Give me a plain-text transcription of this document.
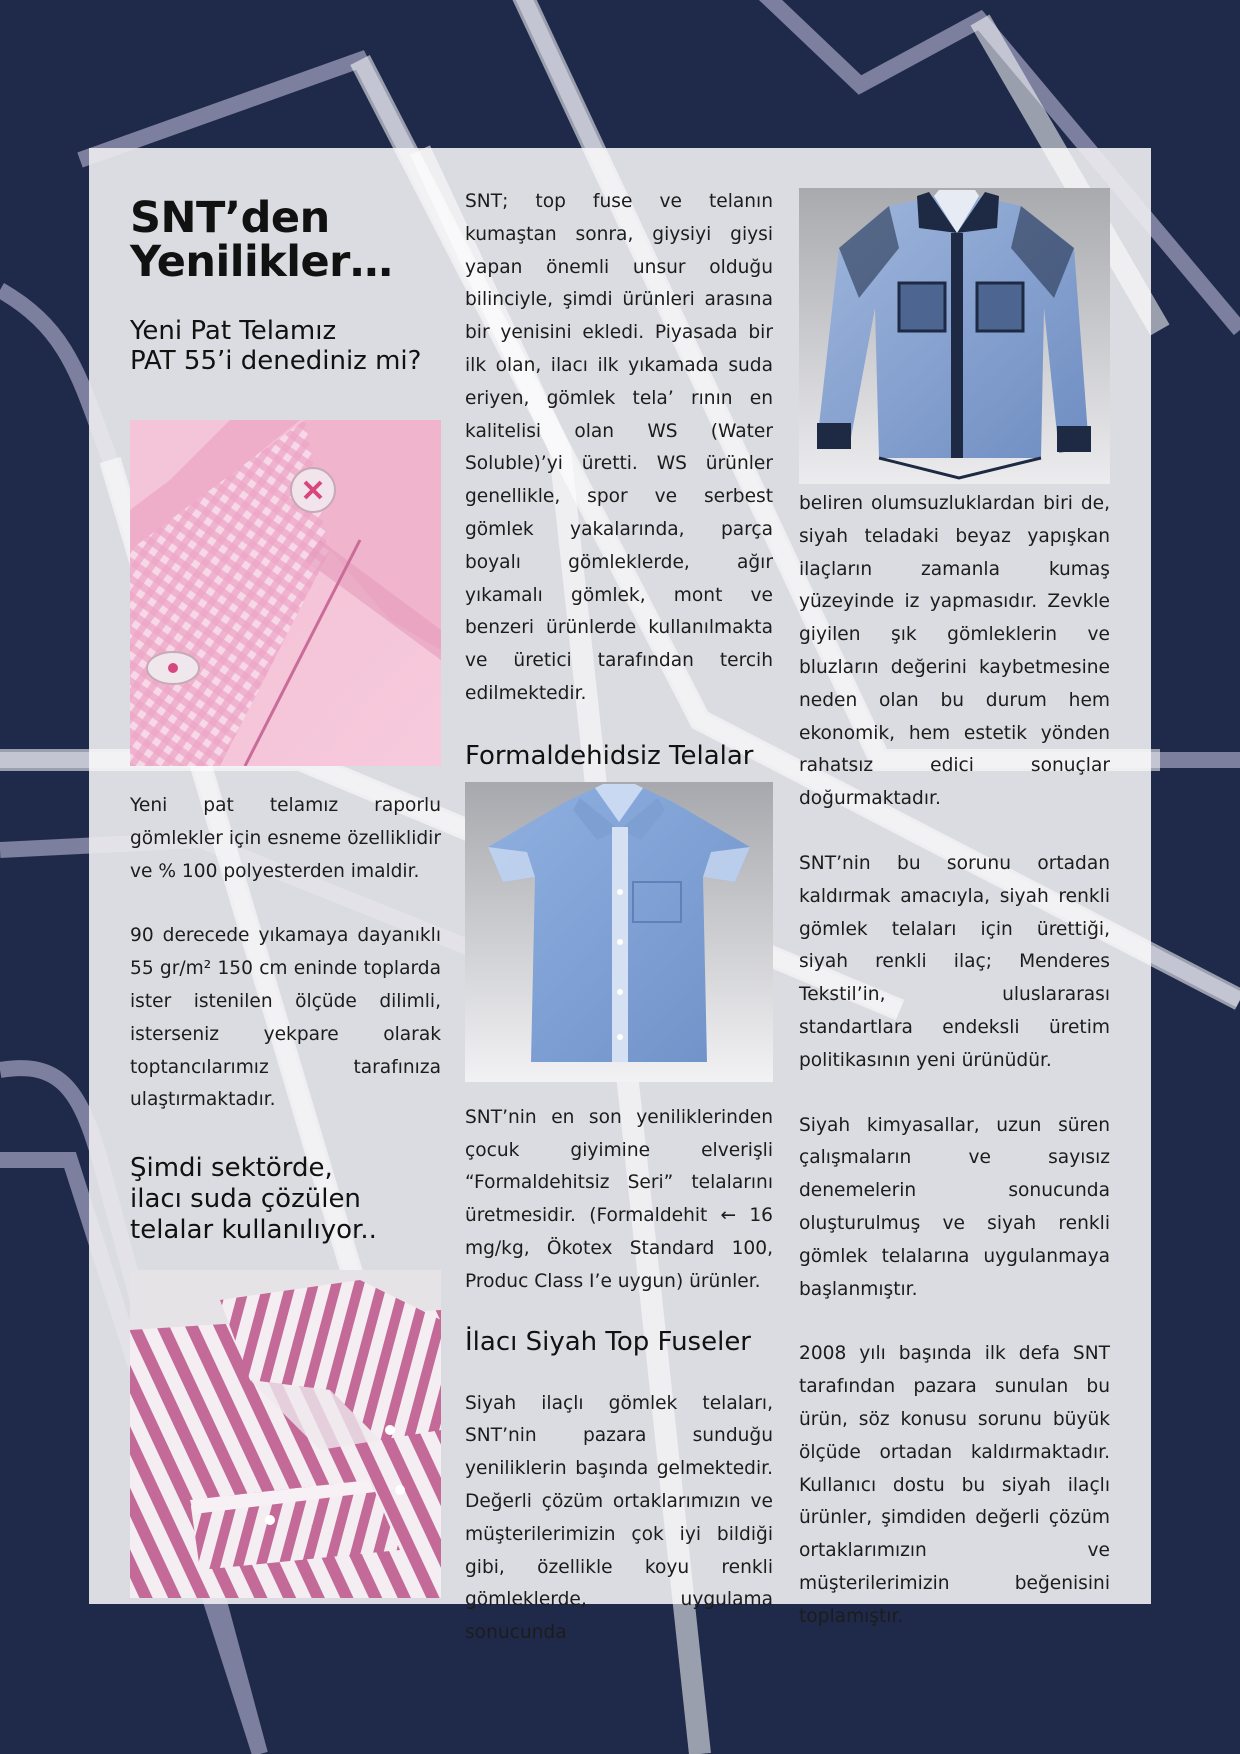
SNT’den
Yenilikler…
Yeni Pat Telamız
PAT 55’i denediniz mi?

Yeni pat telamız raporlu gömlekler için esneme özelliklidir ve % 100 polyesterden imaldir.

90 derecede yıkamaya dayanıklı 55 gr/m² 150 cm eninde toplarda ister istenilen ölçüde dilimli, isterseniz yekpare olarak toptancılarımız tarafınıza ulaştırmaktadır.

Şimdi sektörde,
ilacı suda çözülen
telalar kullanılıyor..

SNT; top fuse ve telanın kumaştan sonra, giysiyi giysi yapan önemli unsur olduğu bilinciyle, şimdi ürünleri arasına bir yenisini ekledi. Piyasada bir ilk olan, ilacı ilk yıkamada suda eriyen, gömlek tela’ rının en kalitelisi olan WS (Water Soluble)’yi üretti. WS ürünler genellikle, spor ve serbest gömlek yakalarında, parça boyalı gömleklerde, ağır yıkamalı gömlek, mont ve benzeri ürünlerde kullanılmakta ve üretici tarafından tercih edilmektedir.

Formaldehidsiz Telalar

SNT’nin en son yeniliklerinden çocuk giyimine elverişli “Formaldehitsiz Seri” telalarını üretmesidir. (Formaldehit ← 16 mg/kg, Ökotex Standard 100, Produc Class I’e uygun) ürünler.

İlacı Siyah Top Fuseler

Siyah ilaçlı gömlek telaları, SNT’nin pazara sunduğu yeniliklerin başında gelmektedir. Değerli çözüm ortaklarımızın ve müşterilerimizin çok iyi bildiği gibi, özellikle koyu renkli gömleklerde, uygulama sonucunda

beliren olumsuzluklardan biri de, siyah teladaki beyaz yapışkan ilaçların zamanla kumaş yüzeyinde iz yapmasıdır. Zevkle giyilen şık gömleklerin ve bluzların değerini kaybetmesine neden olan bu durum hem ekonomik, hem estetik yönden rahatsız edici sonuçlar doğurmaktadır.

SNT’nin bu sorunu ortadan kaldırmak amacıyla, siyah renkli gömlek telaları için ürettiği, siyah renkli ilaç; Menderes Tekstil’in, uluslararası standartlara endeksli üretim politikasının yeni ürünüdür.

Siyah kimyasallar, uzun süren çalışmaların ve sayısız denemelerin sonucunda oluşturulmuş ve siyah renkli gömlek telalarına uygulanmaya başlanmıştır.

2008 yılı başında ilk defa SNT tarafından pazara sunulan bu ürün, söz konusu sorunu büyük ölçüde ortadan kaldırmaktadır. Kullanıcı dostu bu siyah ilaçlı ürünler, şimdiden değerli çözüm ortaklarımızın ve müşterilerimizin beğenisini toplamıştır.
